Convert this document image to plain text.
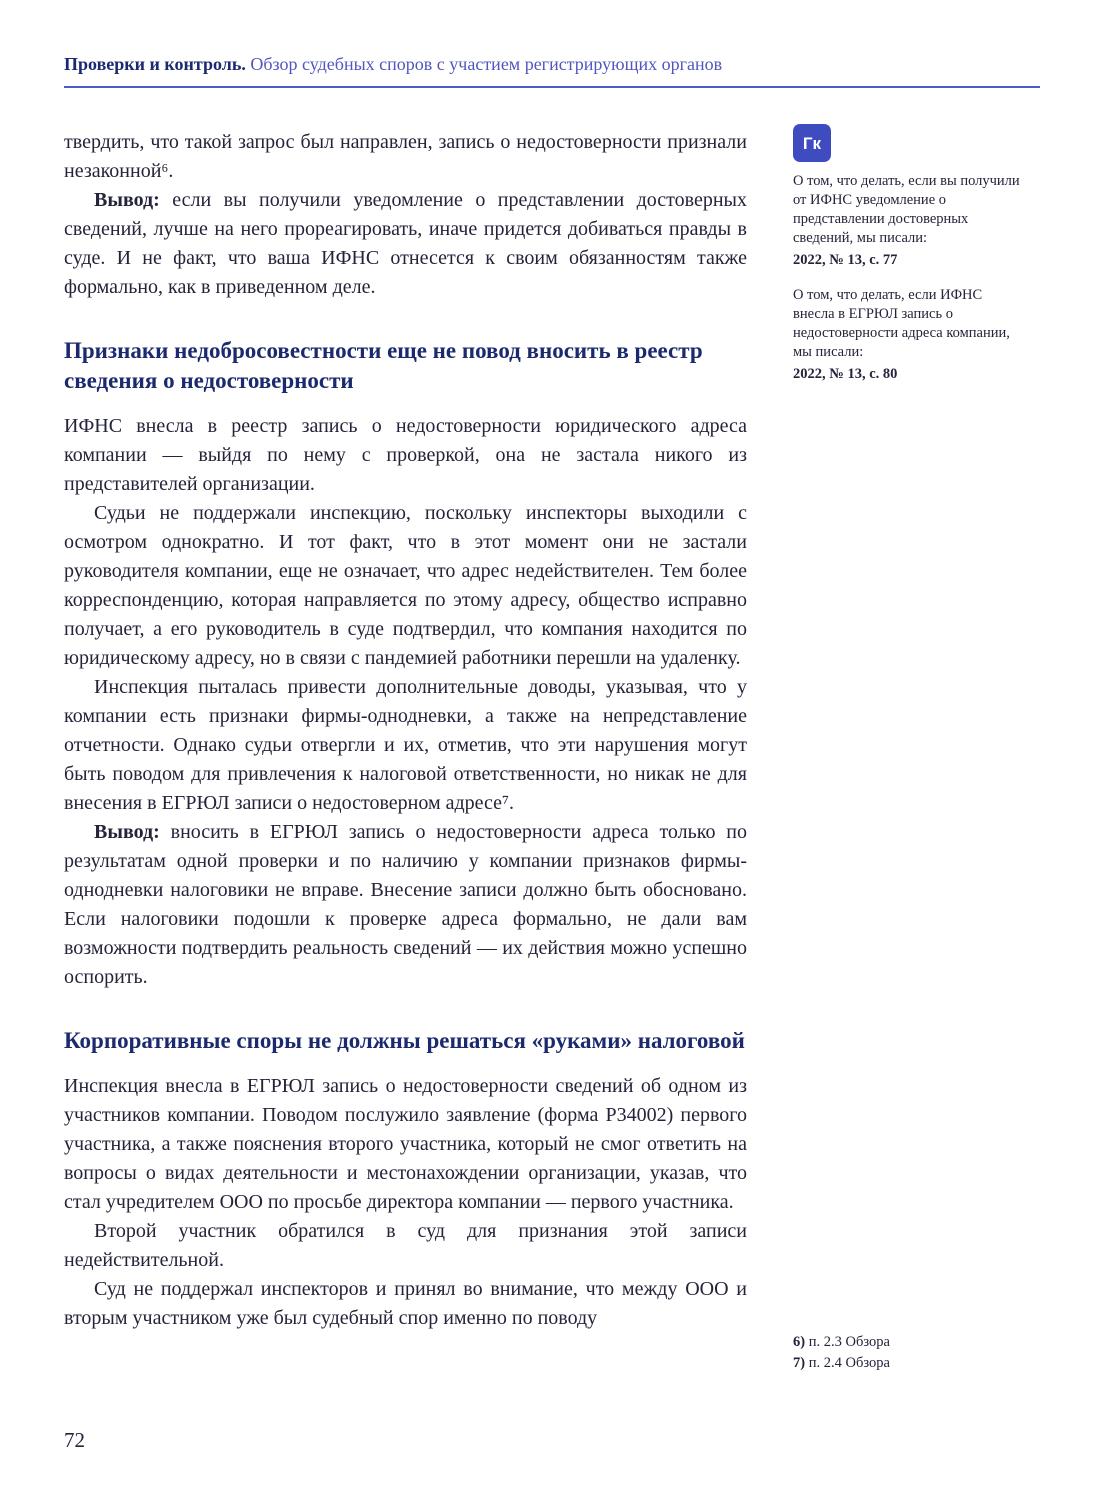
Проверки и контроль. Обзор судебных споров с участием регистрирующих органов

твердить, что такой запрос был направлен, запись о недостоверности признали незаконной⁶.

Вывод: если вы получили уведомление о представлении достоверных сведений, лучше на него прореагировать, иначе придется добиваться правды в суде. И не факт, что ваша ИФНС отнесется к своим обязанностям также формально, как в приведенном деле.

Признаки недобросовестности еще не повод вносить в реестр сведения о недостоверности

ИФНС внесла в реестр запись о недостоверности юридического адреса компании — выйдя по нему с проверкой, она не застала никого из представителей организации.

Судьи не поддержали инспекцию, поскольку инспекторы выходили с осмотром однократно. И тот факт, что в этот момент они не застали руководителя компании, еще не означает, что адрес недействителен. Тем более корреспонденцию, которая направляется по этому адресу, общество исправно получает, а его руководитель в суде подтвердил, что компания находится по юридическому адресу, но в связи с пандемией работники перешли на удаленку.

Инспекция пыталась привести дополнительные доводы, указывая, что у компании есть признаки фирмы-однодневки, а также на непредставление отчетности. Однако судьи отвергли и их, отметив, что эти нарушения могут быть поводом для привлечения к налоговой ответственности, но никак не для внесения в ЕГРЮЛ записи о недостоверном адресе⁷.

Вывод: вносить в ЕГРЮЛ запись о недостоверности адреса только по результатам одной проверки и по наличию у компании признаков фирмы-однодневки налоговики не вправе. Внесение записи должно быть обосновано. Если налоговики подошли к проверке адреса формально, не дали вам возможности подтвердить реальность сведений — их действия можно успешно оспорить.

Корпоративные споры не должны решаться «руками» налоговой

Инспекция внесла в ЕГРЮЛ запись о недостоверности сведений об одном из участников компании. Поводом послужило заявление (форма Р34002) первого участника, а также пояснения второго участника, который не смог ответить на вопросы о видах деятельности и местонахождении организации, указав, что стал учредителем ООО по просьбе директора компании — первого участника.

Второй участник обратился в суд для признания этой записи недействительной.

Суд не поддержал инспекторов и принял во внимание, что между ООО и вторым участником уже был судебный спор именно по поводу

Гк
О том, что делать, если вы получили от ИФНС уведомление о представлении достоверных сведений, мы писали:
2022, № 13, с. 77
О том, что делать, если ИФНС внесла в ЕГРЮЛ запись о недостоверности адреса компании, мы писали:
2022, № 13, с. 80
6) п. 2.3 Обзора
7) п. 2.4 Обзора
72
